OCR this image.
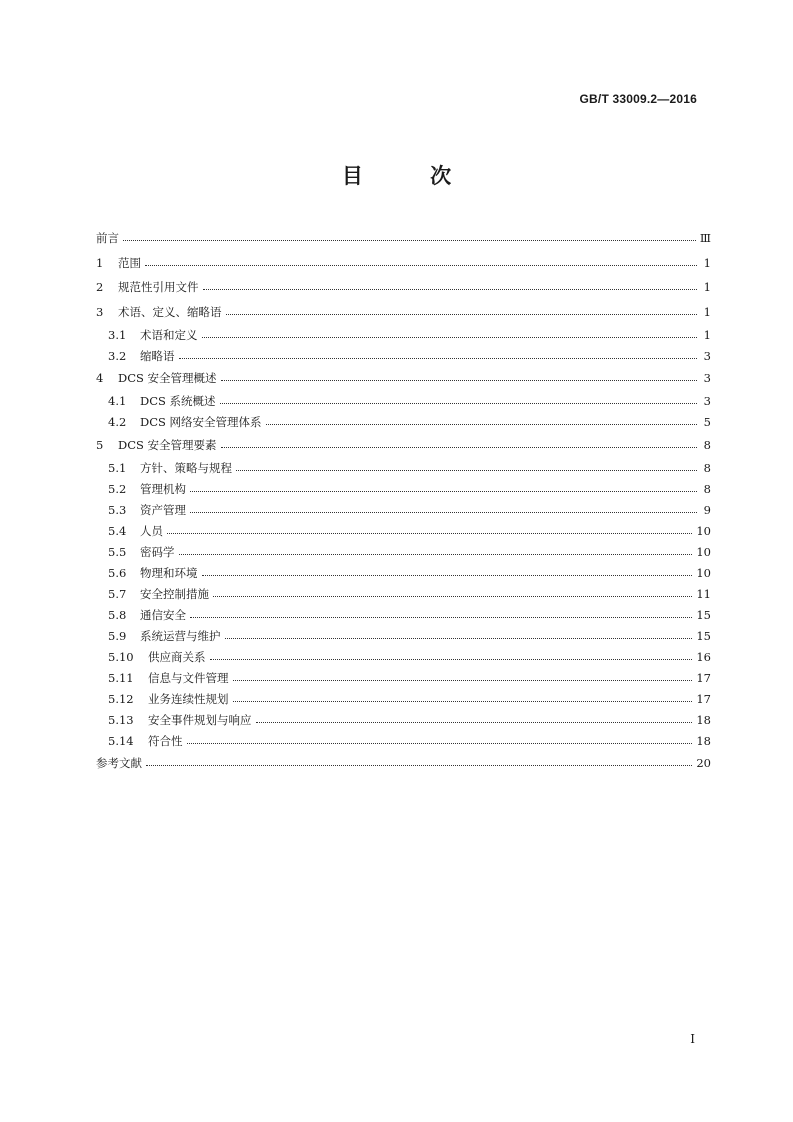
GB/T 33009.2—2016
目 次
前言	Ⅲ
1	范围	1
2	规范性引用文件	1
3	术语、定义、缩略语	1
3.1	术语和定义	1
3.2	缩略语	3
4	DCS 安全管理概述	3
4.1	DCS 系统概述	3
4.2	DCS 网络安全管理体系	5
5	DCS 安全管理要素	8
5.1	方针、策略与规程	8
5.2	管理机构	8
5.3	资产管理	9
5.4	人员	10
5.5	密码学	10
5.6	物理和环境	10
5.7	安全控制措施	11
5.8	通信安全	15
5.9	系统运营与维护	15
5.10	供应商关系	16
5.11	信息与文件管理	17
5.12	业务连续性规划	17
5.13	安全事件规划与响应	18
5.14	符合性	18
参考文献	20
I
